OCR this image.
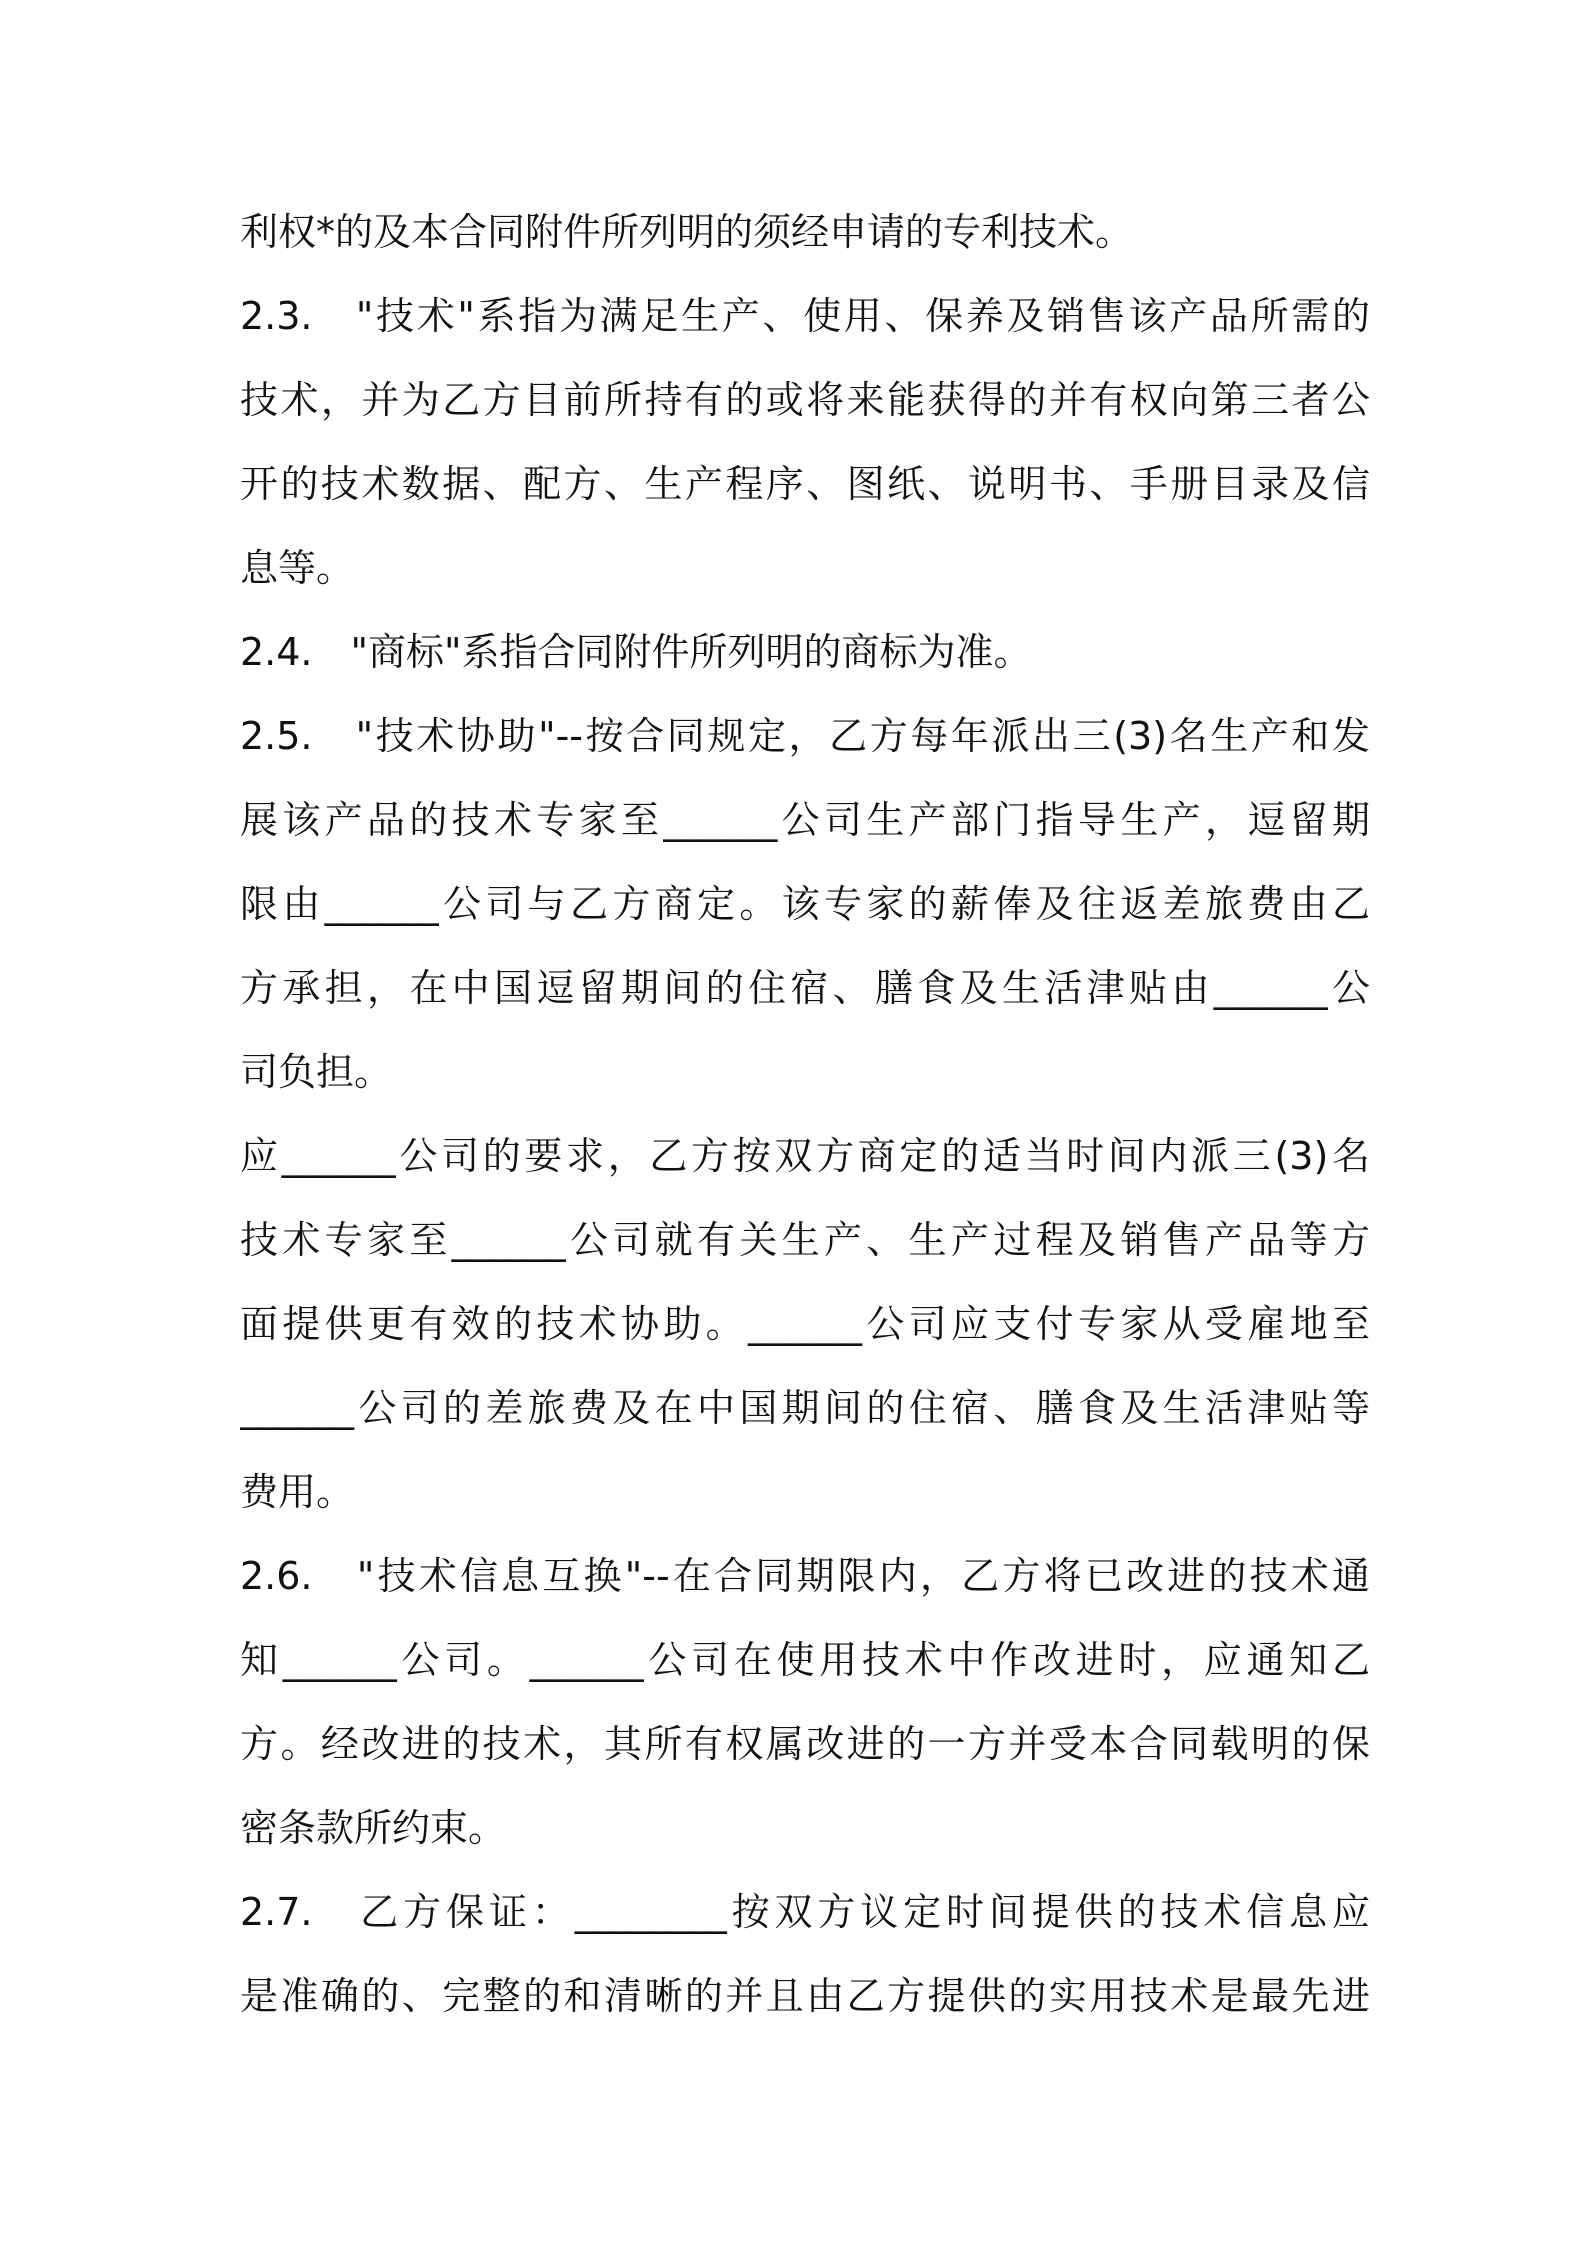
利权*的及本合同附件所列明的须经申请的专利技术。
2.3.　"技术"系指为满足生产、使用、保养及销售该产品所需的
技术，并为乙方目前所持有的或将来能获得的并有权向第三者公
开的技术数据、配方、生产程序、图纸、说明书、手册目录及信
息等。
2.4.　"商标"系指合同附件所列明的商标为准。
2.5.　"技术协助"--按合同规定，乙方每年派出三(3)名生产和发
展该产品的技术专家至______公司生产部门指导生产，逗留期
限由______公司与乙方商定。该专家的薪俸及往返差旅费由乙
方承担，在中国逗留期间的住宿、膳食及生活津贴由______公
司负担。
应______公司的要求，乙方按双方商定的适当时间内派三(3)名
技术专家至______公司就有关生产、生产过程及销售产品等方
面提供更有效的技术协助。______公司应支付专家从受雇地至
______公司的差旅费及在中国期间的住宿、膳食及生活津贴等
费用。
2.6.　"技术信息互换"--在合同期限内，乙方将已改进的技术通
知______公司。______公司在使用技术中作改进时，应通知乙
方。经改进的技术，其所有权属改进的一方并受本合同载明的保
密条款所约束。
2.7.　乙方保证：________按双方议定时间提供的技术信息应
是准确的、完整的和清晰的并且由乙方提供的实用技术是最先进
